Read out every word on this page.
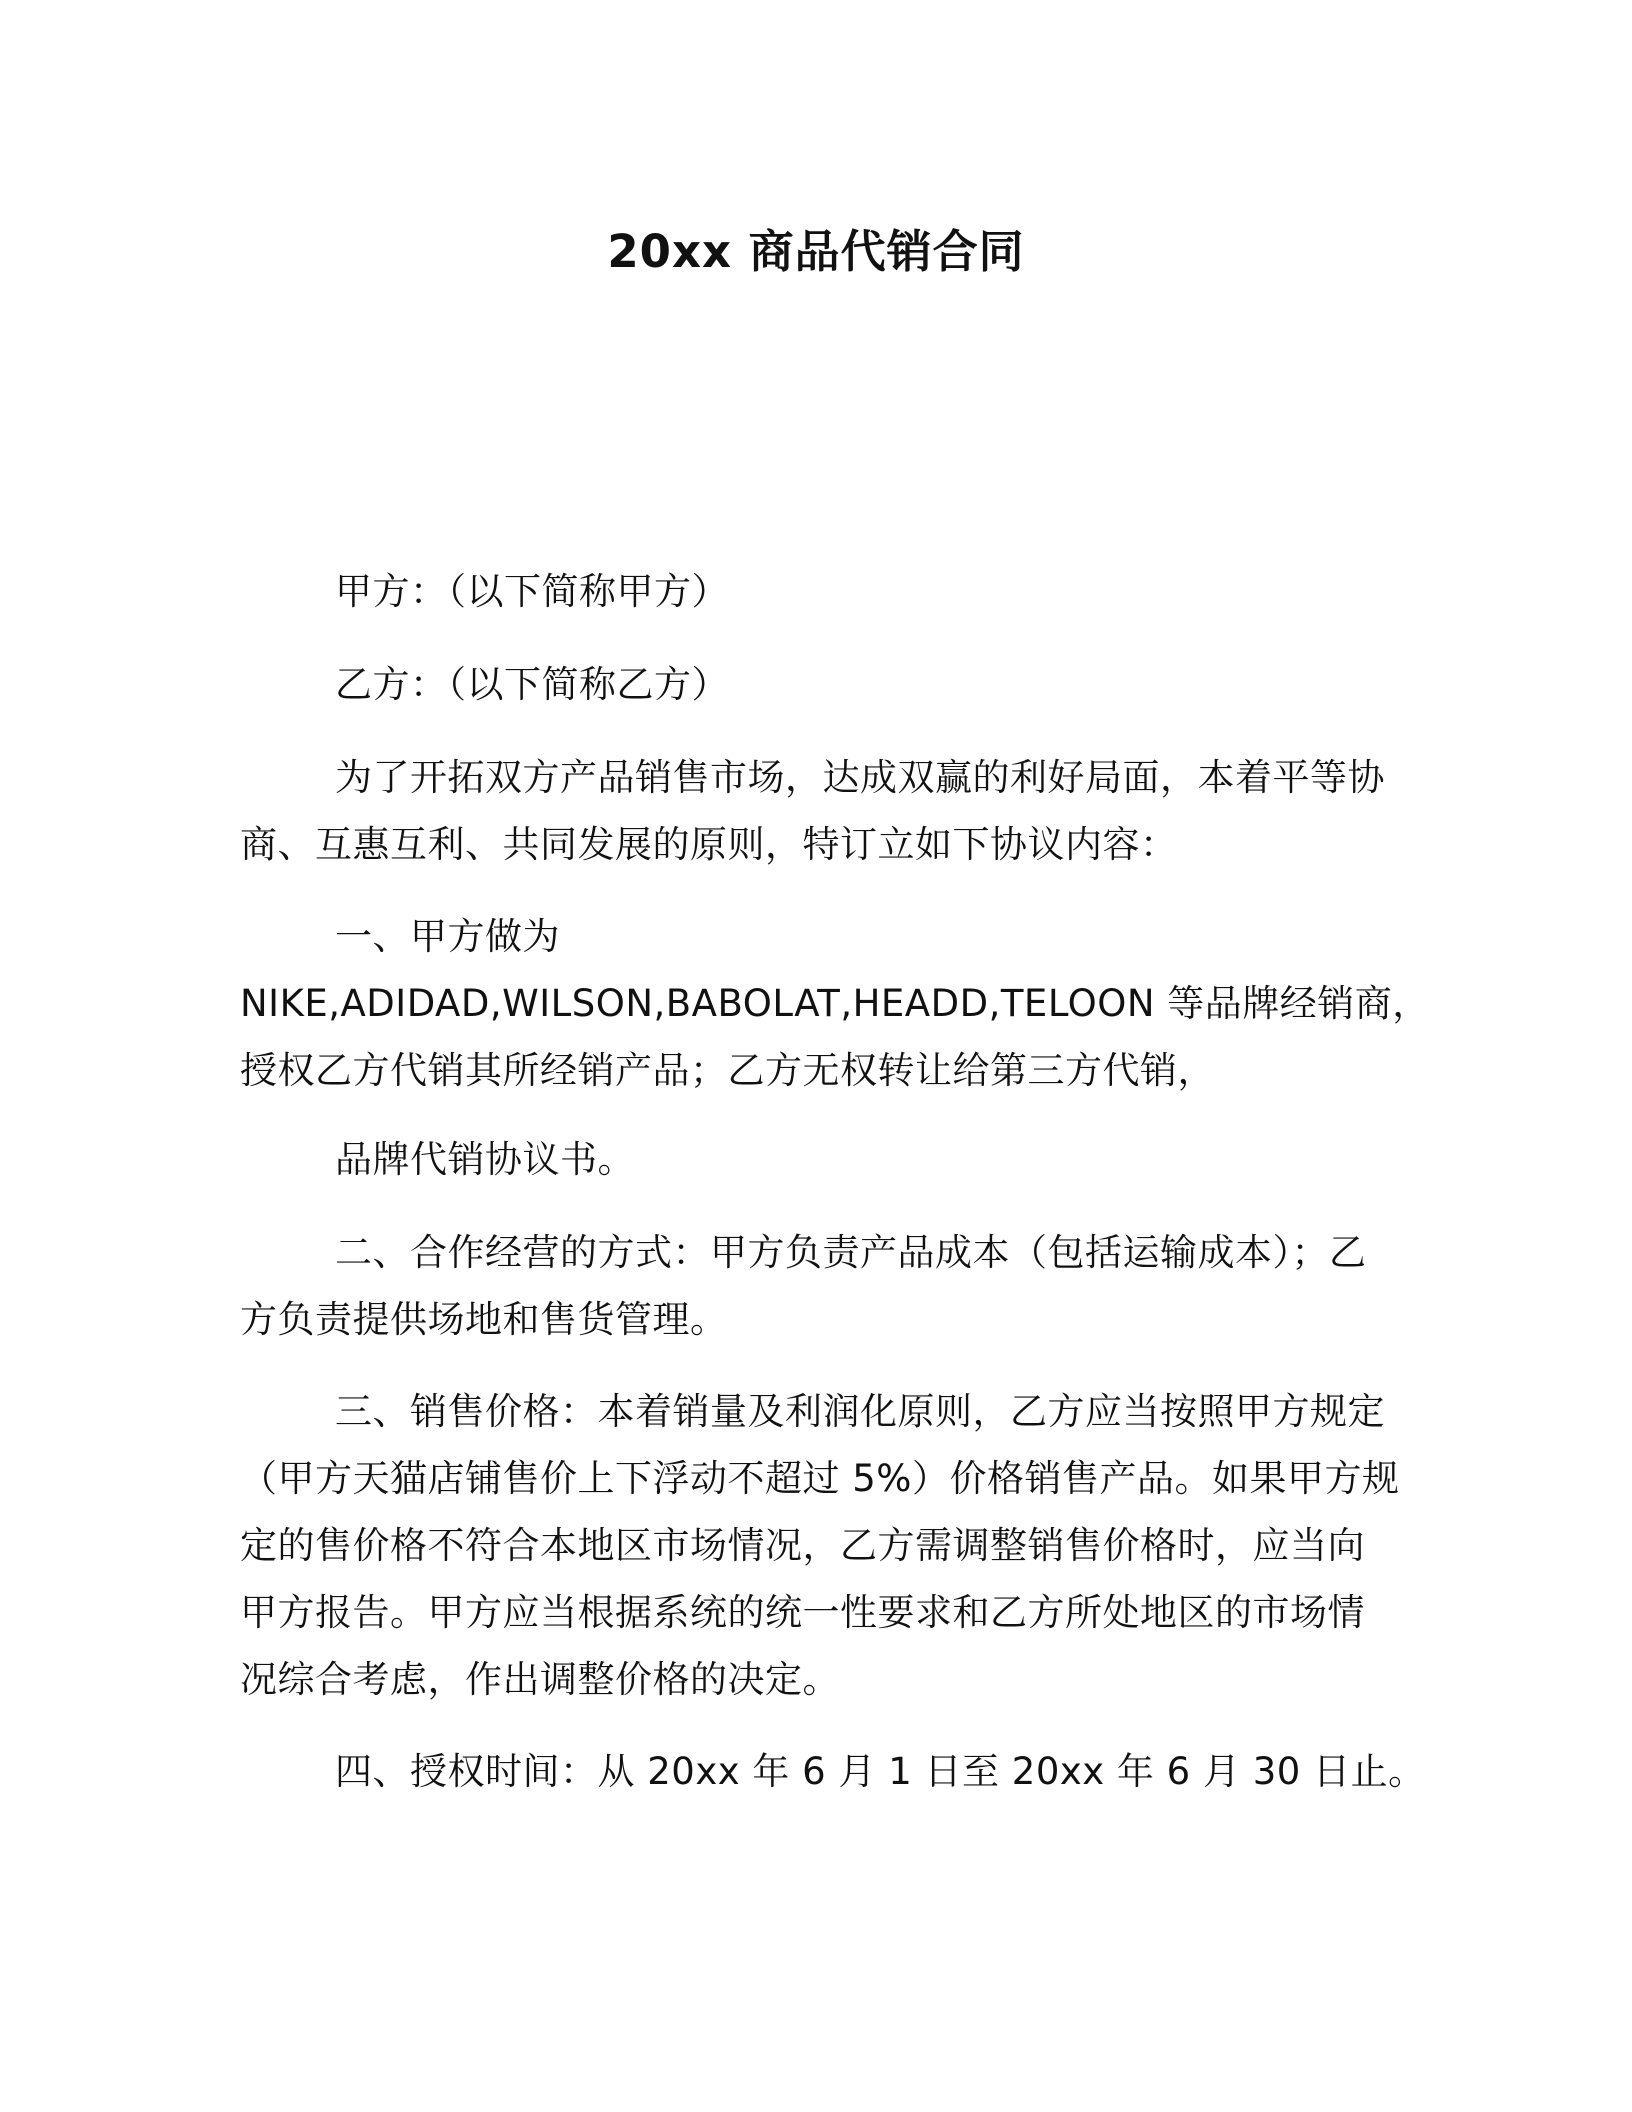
20xx 商品代销合同
甲方：（以下简称甲方）
乙方：（以下简称乙方）
为了开拓双方产品销售市场，达成双赢的利好局面，本着平等协
商、互惠互利、共同发展的原则，特订立如下协议内容：
一、甲方做为
NIKE,ADIDAD,WILSON,BABOLAT,HEADD,TELOON 等品牌经销商，
授权乙方代销其所经销产品；乙方无权转让给第三方代销，
品牌代销协议书。
二、合作经营的方式：甲方负责产品成本（包括运输成本）；乙
方负责提供场地和售货管理。
三、销售价格：本着销量及利润化原则，乙方应当按照甲方规定
（甲方天猫店铺售价上下浮动不超过 5%）价格销售产品。如果甲方规
定的售价格不符合本地区市场情况，乙方需调整销售价格时，应当向
甲方报告。甲方应当根据系统的统一性要求和乙方所处地区的市场情
况综合考虑，作出调整价格的决定。
四、授权时间：从 20xx 年 6 月 1 日至 20xx 年 6 月 30 日止。
